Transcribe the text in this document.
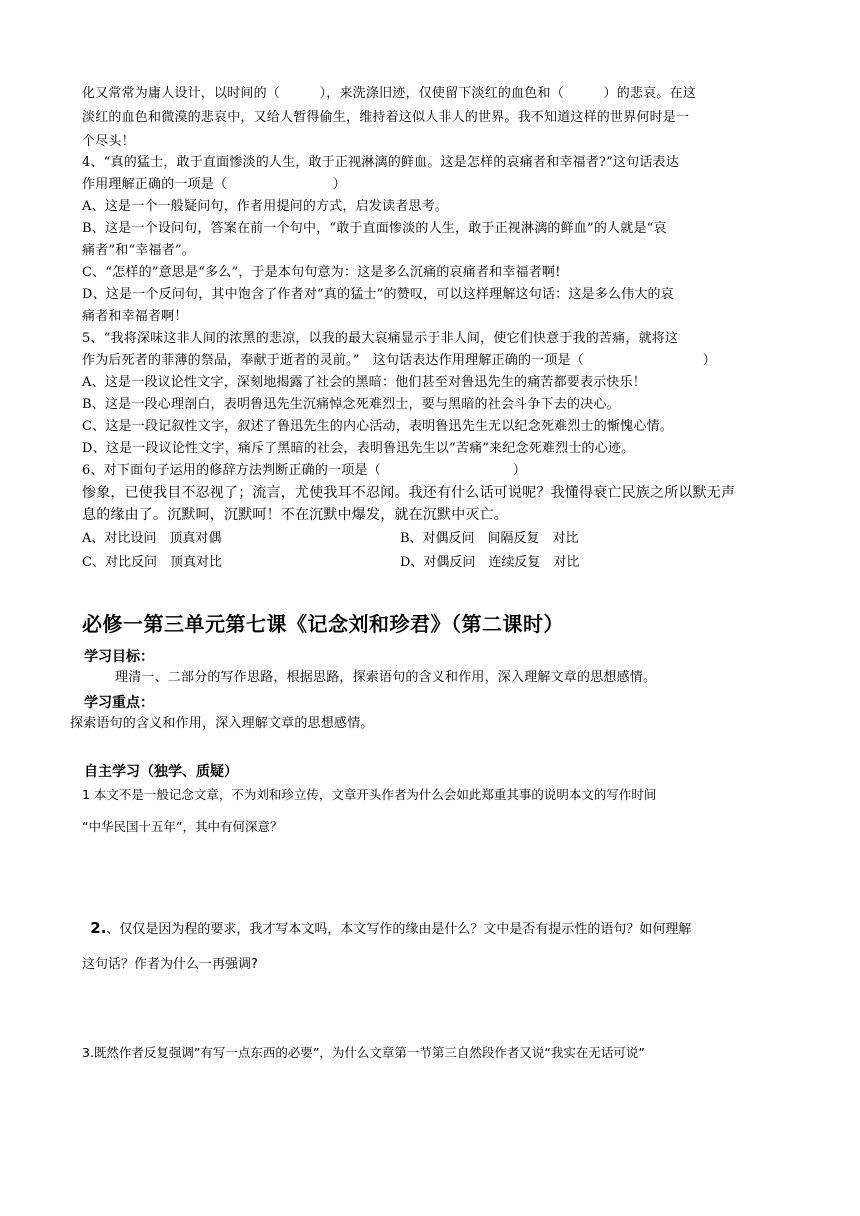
化又常常为庸人设计，以时间的（　　　），来洗涤旧迹，仅使留下淡红的血色和（　　　）的悲哀。在这
淡红的血色和微漠的悲哀中，又给人暂得偷生，维持着这似人非人的世界。我不知道这样的世界何时是一
个尽头！
4、“真的猛士，敢于直面惨淡的人生，敢于正视淋漓的鲜血。这是怎样的哀痛者和幸福者?”这句话表达
作用理解正确的一项是（　　　　　　　　）
A、这是一个一般疑问句，作者用提问的方式，启发读者思考。
B、这是一个设问句，答案在前一个句中，“敢于直面惨淡的人生，敢于正视淋漓的鲜血”的人就是“哀
痛者”和“幸福者”。
C、“怎样的”意思是“多么”，于是本句句意为：这是多么沉痛的哀痛者和幸福者啊!
D、这是一个反问句，其中饱含了作者对“真的猛士”的赞叹，可以这样理解这句话：这是多么伟大的哀
痛者和幸福者啊！
5、“我将深味这非人间的浓黑的悲凉，以我的最大哀痛显示于非人间，使它们快意于我的苦痛，就将这
作为后死者的菲薄的祭品，奉献于逝者的灵前。”　这句话表达作用理解正确的一项是（　　　　　　　　　）
A、这是一段议论性文字，深刻地揭露了社会的黑暗：他们甚至对鲁迅先生的痛苦都要表示快乐！
B、这是一段心理剖白，表明鲁迅先生沉痛悼念死难烈士，要与黑暗的社会斗争下去的决心。
C、这是一段记叙性文字，叙述了鲁迅先生的内心活动，表明鲁迅先生无以纪念死难烈士的惭愧心情。
D、这是一段议论性文字，痛斥了黑暗的社会，表明鲁迅先生以“苦痛”来纪念死难烈士的心迹。
6、对下面句子运用的修辞方法判断正确的一项是（　　　　　　　　　　）
惨象，已使我目不忍视了；流言，尤使我耳不忍闻。我还有什么话可说呢？我懂得衰亡民族之所以默无声
息的缘由了。沉默呵，沉默呵！不在沉默中爆发，就在沉默中灭亡。
A、对比设问　顶真对偶	B、对偶反问　间隔反复　对比
C、对比反问　顶真对比	D、对偶反问　连续反复　对比
必修一第三单元第七课《记念刘和珍君》（第二课时）
学习目标：
理清一、二部分的写作思路，根据思路，探索语句的含义和作用，深入理解文章的思想感情。
学习重点：
探索语句的含义和作用，深入理解文章的思想感情。
自主学习（独学、质疑）
1 本文不是一般记念文章，不为刘和珍立传，文章开头作者为什么会如此郑重其事的说明本文的写作时间
“中华民国十五年”，其中有何深意？

2.、仅仅是因为程的要求，我才写本文吗，本文写作的缘由是什么？文中是否有提示性的语句？如何理解

这句话？作者为什么一再强调?
3.既然作者反复强调”有写一点东西的必要”，为什么文章第一节第三自然段作者又说“我实在无话可说”
